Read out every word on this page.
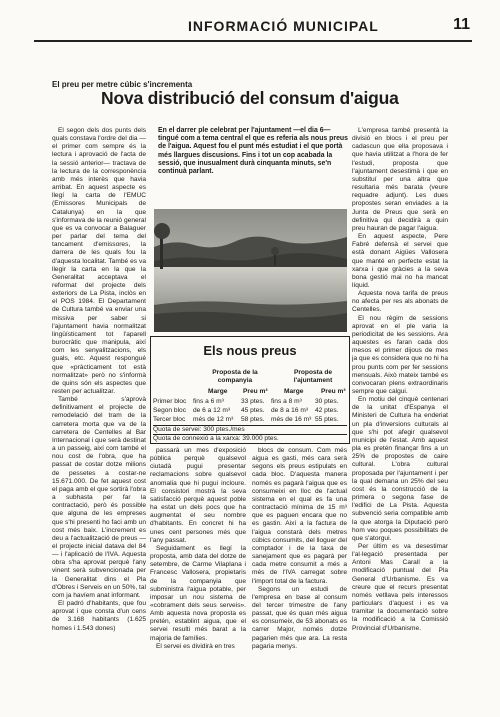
INFORMACIÓ MUNICIPAL	11
El preu per metre cúbic s'incrementa
Nova distribució del consum d'aigua

El segon dels dos punts dels quals constava l'ordre del dia —el primer com sempre és la lectura i aprovació de l'acta de la sessió anterior— tractava de la lectura de la corresponència amb més interès que havia arribat. En aquest aspecte es llegí la carta de l'EMUC (Emissores Municipals de Catalunya) en la que s'informava de la reunió general que es va convocar a Balaguer per parlar del tema del tancament d'emissores, la darrera de les quals fou la d'aquesta localitat. També es va llegir la carta en la que la Generalitat acceptava el reformat del projecte dels exteriors de La Pista, inclòs en el POS 1984. El Departament de Cultura també va enviar una missiva per saber si l'ajuntament havia normalitzat lingüísticament tot l'aparell burocràtic que manipula, així com les senyalitzacions, els guals, etc. Aquest respongué que «pràcticament tot està normalitzat» però no s'informà de quins són els aspectes que resten per actualitzar.

També s'aprovà definitivament el projecte de remodelació del tram de la carretera morta que va de la carretera de Centelles al Bar Internacional i que serà destinat a un passeig, així com també el nou cost de l'obra, que ha passat de costar dotze milions de pessetes a costar-ne 15.671.000. De fet aquest cost el paga amb el que sortirà l'obra a subhasta per far la contractació, però és possible que alguna de les empreses que s'hi presenti ho faci amb un cost més baix. L'increment es deu a l'actualització de preus —el projecte inicial datava del 84— i l'aplicació de l'IVA. Aquesta obra s'ha aprovat perquè l'any vinent serà subvencionada per la Generalitat dins el Pla d'Obres i Serveis en un 50%, tal com ja havíem anat informant.

El padró d'habitants, que fou aprovat i que consta d'un cens de 3.168 habitants (1.625 homes i 1.543 dones)

En el darrer ple celebrat per l'ajuntament —el dia 6— tingué com a tema central el que es referia als nous preus de l'aigua. Aquest fou el punt més estudiat i el que portà més llargues discusions. Fins i tot un cop acabada la sessió, que inusualment durà cinquanta minuts, se'n continuà parlant.
Els nous preus
Proposta de la companyia
Proposta de l'ajuntament
Marge Preu m³ Marge	Preu m³
Primer bloc fins a 6 m³	33 ptes. fins a 8 m³ 30 ptes.
Segon bloc de 6 a 12 m³ 45 ptes. de 8 a 16 m³ 42 ptes.
Tercer bloc més de 12 m³ 58 ptes. més de 16 m³ 55 ptes.
Quota de servei: 300 ptes./mes
Quota de connexió a la xarxa: 39.000 ptes.

passarà un mes d'exposició pública perquè qualsevol ciutadà pugui presentar reclamacions sobre qualsevol anomalia que hi pugui incloure. El consistori mostrà la seva satisfacció perquè aquest poble ha estat un dels pocs que ha augmentat el seu nombre d'habitants. En concret hi ha unes cent persones més que l'any passat.

Seguidament es llegí la proposta, amb data del dotze de setembre, de Carme Vilaplana i Francesc Vallosera, propietaris de la companyia que subministra l'aigua potable, per imposar un nou sistema de «cobrament dels seus serveis». Amb aquesta nova proposta es pretén, establint aigua, que el servei resulti més barat a la majoria de famílies.

El servei es dividirà en tres

blocs de consum. Com més aigua es gasti, més cara serà segons els preus estipulats en cada bloc. D'aquesta manera només es pagarà l'aigua que es consumeixi en lloc de l'actual sistema en el qual es fa una contractació mínima de 15 m³ que es paguen encara que no es gastin. Així a la factura de l'aigua constarà dels metres cúbics consumits, del lloguer del comptador i de la taxa de sanejament que es pagarà per cada metre consumit a més a més de l'IVA carregat sobre l'import total de la factura.

Segons un estudi de l'empresa en base al consum del tercer trimestre de l'any passat, que és quan més aigua es consumeix, de 53 abonats es carrer Major, només dotze pagarien més que ara. La resta pagaria menys.

L'empresa també presentà la divisió en blocs i el preu per cadascun que ella proposava i que havia utilitzat a l'hora de fer l'estudi, proposta que l'ajuntament desestimà i que en substituí per una altra que resultaria més barata (veure requadre adjunt). Les dues propostes seran enviades a la Junta de Preus que serà en definitiva qui decidirà a quin preu hauran de pagar l'aigua.

En aquest aspecte, Pere Fabré defensà el servei que està donant Aigües Vallosera que manté en perfecte estat la xarxa i que gràcies a la seva bona gestió mai no ha mancat líquid.

Aquesta nova tarifa de preus no afecta per res als abonats de Centelles.

El nou règim de sessions aprovat en el ple varia la periodicitat de les sessions. Ara aquestes es faran cada dos mesos el primer dijous de mes ja que es considera que no hi ha prou punts com per fer sessions mensuals. Això mateix també es convocaran plens extraordinaris sempre que calgui.

En motiu del cinquè centenari de la unitat d'Espanya el Ministeri de Cultura ha enderiat un pla d'inversions culturals al que s'hi pot afegir qualsevol municipi de l'estat. Amb aquest pla es pretén finançar fins a un 25% de propostes de caire cultural. L'obra cultural proposada per l'ajuntament i per la qual demana un 25% del seu cost és la construcció de la primera o segona fase de l'edifici de La Pista. Aquesta subvenció seria compatible amb la que atorga la Diputació però hom veu poques possibilitats de que s'atorgui.

Per últim es va desestimar l'al·legació presentada per Antoni Mas Carall a la modificació puntual del Pla General d'Urbanisme. Es va creure que el recurs presentat només vetllava pels interessos particulars d'aquest i es va tramitar la documentació sobre la modificació a la Comissió Provincial d'Urbanisme.
